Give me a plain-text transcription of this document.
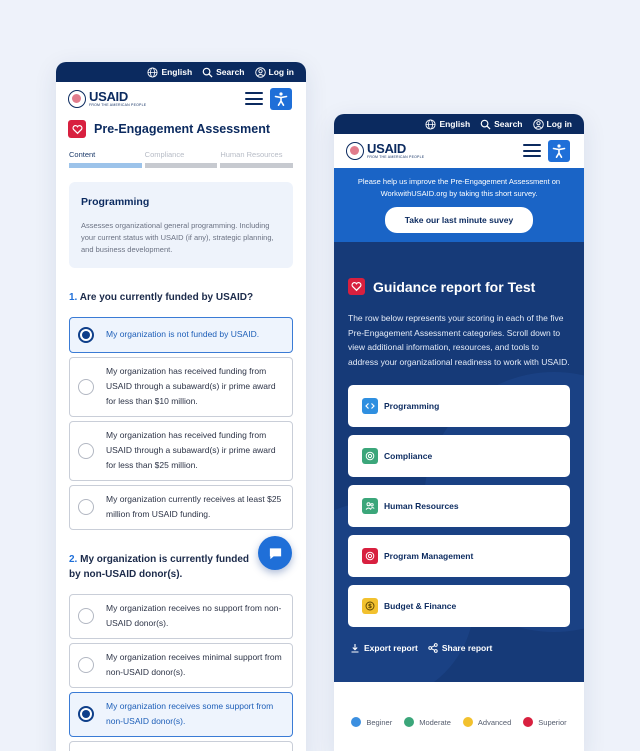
English	Search	Log in
USAID
FROM THE AMERICAN PEOPLE
Pre-Engagement Assessment
Content	Compliance	Human Resources
Programming
Assesses organizational general programming. Including your current status with USAID (if any), strategic planning, and business development.
1. Are you currently funded by USAID?
My organization is not funded by USAID.
My organization has received funding from USAID through a subaward(s) ir prime award for less than $10 million.
My organization has received funding from USAID through a subaward(s) ir prime award for less than $25 million.
My organization currently receives at least $25 million from USAID funding.
2. My organization is currently funded by non-USAID donor(s).
My organization receives no support from non-USAID donor(s).
My organization receives minimal support from non-USAID donor(s).
My organization receives some support from non-USAID donor(s).
English	Search	Log in
USAID
FROM THE AMERICAN PEOPLE
Please help us improve the Pre-Engagement Assessment on WorkwithUSAID.org by taking this short survey.
Take our last minute suvey
Guidance report for Test
The row below represents your scoring in each of the five Pre-Engagement Assessment categories. Scroll down to view additional information, resources, and tools to address your organizational readiness to work with USAID.
Programming
Compliance
Human Resources
Program Management
$ Budget & Finance
Export report	Share report
Beginer	Moderate	Advanced	Superior
